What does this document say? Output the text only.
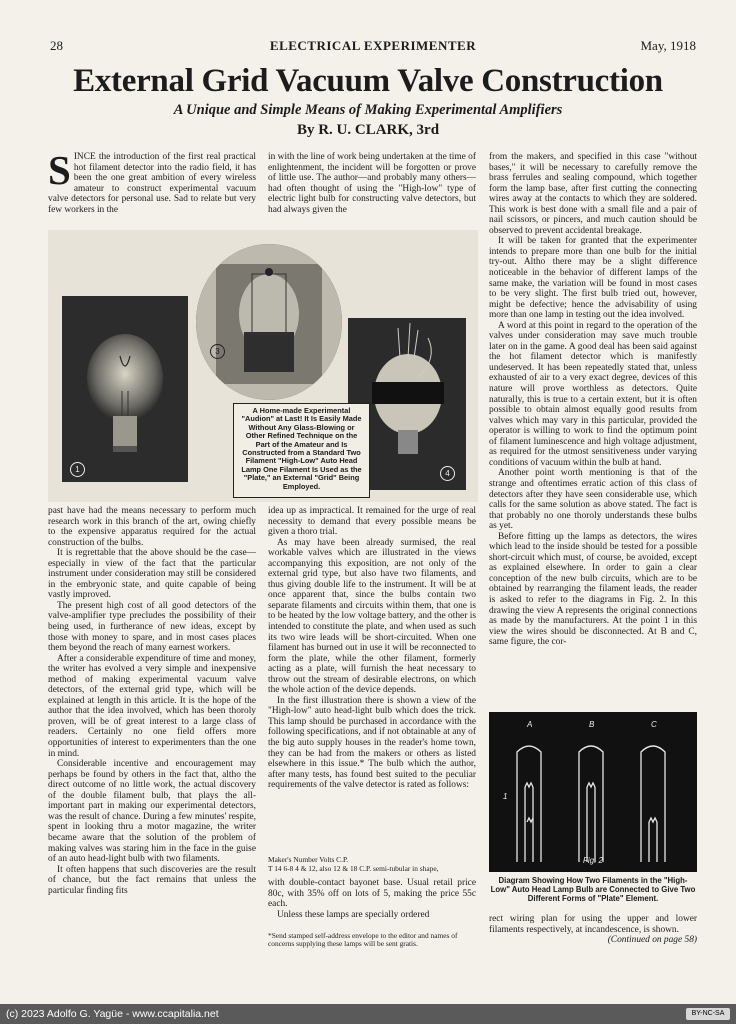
28	ELECTRICAL EXPERIMENTER	May, 1918
External Grid Vacuum Valve Construction
A Unique and Simple Means of Making Experimental Amplifiers
By R. U. CLARK, 3rd

SINCE the introduction of the first real practical hot filament detector into the radio field, it has been the one great ambition of every wireless amateur to construct experimental vacuum valve detectors for personal use. Sad to relate but very few workers in the

in with the line of work being undertaken at the time of enlightenment, the incident will be forgotten or prove of little use. The author—and probably many others—had often thought of using the "High-low" type of electric light bulb for constructing valve detectors, but had always given the

from the makers, and specified in this case "without bases," it will be necessary to carefully remove the brass ferrules and sealing compound, which together form the lamp base, after first cutting the connecting wires away at the contacts to which they are soldered. This work is best done with a small file and a pair of nail scissors, or pincers, and much caution should be observed to prevent accidental breakage.

It will be taken for granted that the experimenter intends to prepare more than one bulb for the initial try-out. Altho there may be a slight difference noticeable in the behavior of different lamps of the same make, the variation will be found in most cases to be very slight. The first bulb tried out, however, might be defective; hence the advisability of using more than one lamp in testing out the idea involved.

A word at this point in regard to the operation of the valves under consideration may save much trouble later on in the game. A good deal has been said against the hot filament detector which is manifestly undeserved. It has been repeatedly stated that, unless exhausted of air to a very exact degree, devices of this nature will prove worthless as detectors. Quite naturally, this is true to a certain extent, but it is often possible to obtain almost equally good results from valves which may vary in this particular, provided the operator is willing to work to find the optimum point of filament luminescence and high voltage adjustment, as required for the utmost sensitiveness under varying conditions of vacuum within the bulb at hand.

Another point worth mentioning is that of the strange and oftentimes erratic action of this class of detectors after they have seen considerable use, which calls for the same solution as above stated. The fact is that probably no one thoroly understands these bulbs as yet.

Before fitting up the lamps as detectors, the wires which lead to the inside should be tested for a possible short-circuit which must, of course, be avoided, except as explained elsewhere. In order to gain a clear conception of the new bulb circuits, which are to be obtained by rearranging the filament leads, the reader is asked to refer to the diagrams in Fig. 2. In this drawing the view A represents the original connections as made by the manufacturers. At the point 1 in this view the wires should be disconnected. At B and C, same figure, the cor-

1
3
4
A Home-made Experimental "Audion" at Last! It Is Easily Made Without Any Glass-Blowing or Other Refined Technique on the Part of the Amateur and Is Constructed from a Standard Two Filament "High-Low" Auto Head Lamp One Filament Is Used as the "Plate," an External "Grid" Being Employed.

past have had the means necessary to perform much research work in this branch of the art, owing chiefly to the expensive apparatus required for the actual construction of the bulbs.

It is regrettable that the above should be the case—especially in view of the fact that the particular instrument under consideration may still be considered in the embryonic state, and quite capable of being vastly improved.

The present high cost of all good detectors of the valve-amplifier type precludes the possibility of their being used, in furtherance of new ideas, except by those with money to spare, and in most cases places them beyond the reach of many earnest workers.

After a considerable expenditure of time and money, the writer has evolved a very simple and inexpensive method of making experimental vacuum valve detectors, of the external grid type, which will be explained at length in this article. It is the hope of the author that the idea involved, which has been thoroly proven, will be of great interest to a large class of readers. Certainly no one field offers more opportunities of interest to experimenters than the one in mind.

Considerable incentive and encouragement may perhaps be found by others in the fact that, altho the direct outcome of no little work, the actual discovery of the double filament bulb, that plays the all-important part in making our experimental detectors, was the result of chance. During a few minutes' respite, spent in looking thru a motor magazine, the writer became aware that the solution of the problem of making valves was staring him in the face in the guise of an auto head-light bulb with two filaments.

It often happens that such discoveries are the result of chance, but the fact remains that unless the particular finding fits

idea up as impractical. It remained for the urge of real necessity to demand that every possible means be given a thoro trial.

As may have been already surmised, the real workable valves which are illustrated in the views accompanying this exposition, are not only of the external grid type, but also have two filaments, and thus giving double life to the instrument. It will be at once apparent that, since the bulbs contain two separate filaments and circuits within them, that one is to be heated by the low voltage battery, and the other is intended to constitute the plate, and when used as such its two wire leads will be short-circuited. When one filament has burned out in use it will be reconnected to form the plate, while the other filament, formerly acting as a plate, will furnish the heat necessary to throw out the stream of desirable electrons, on which the whole action of the device depends.

In the first illustration there is shown a view of the "High-low" auto head-light bulb which does the trick. This lamp should be purchased in accordance with the following specifications, and if not obtainable at any of the big auto supply houses in the reader's home town, they can be had from the makers or others as listed elsewhere in this issue.* The bulb which the author, after many tests, has found best suited to the peculiar requirements of the valve detector is rated as follows:

Maker's Number Volts C.P.
T 14 6-8 4 & 12, also 12 & 18 C.P. semi-tubular in shape,

with double-contact bayonet base. Usual retail price 80c, with 35% off on lots of 5, making the price 55c each.

Unless these lamps are specially ordered

*Send stamped self-address envelope to the editor and names of concerns supplying these lamps will be sent gratis.
A	B	C
1
Fig. 2
Diagram Showing How Two Filaments in the "High-Low" Auto Head Lamp Bulb are Connected to Give Two Different Forms of "Plate" Element.

rect wiring plan for using the upper and lower filaments respectively, at incandescence, is shown.

(Continued on page 58)

(c) 2023 Adolfo G. Yagüe - www.ccapitalia.net	BY-NC-SA
